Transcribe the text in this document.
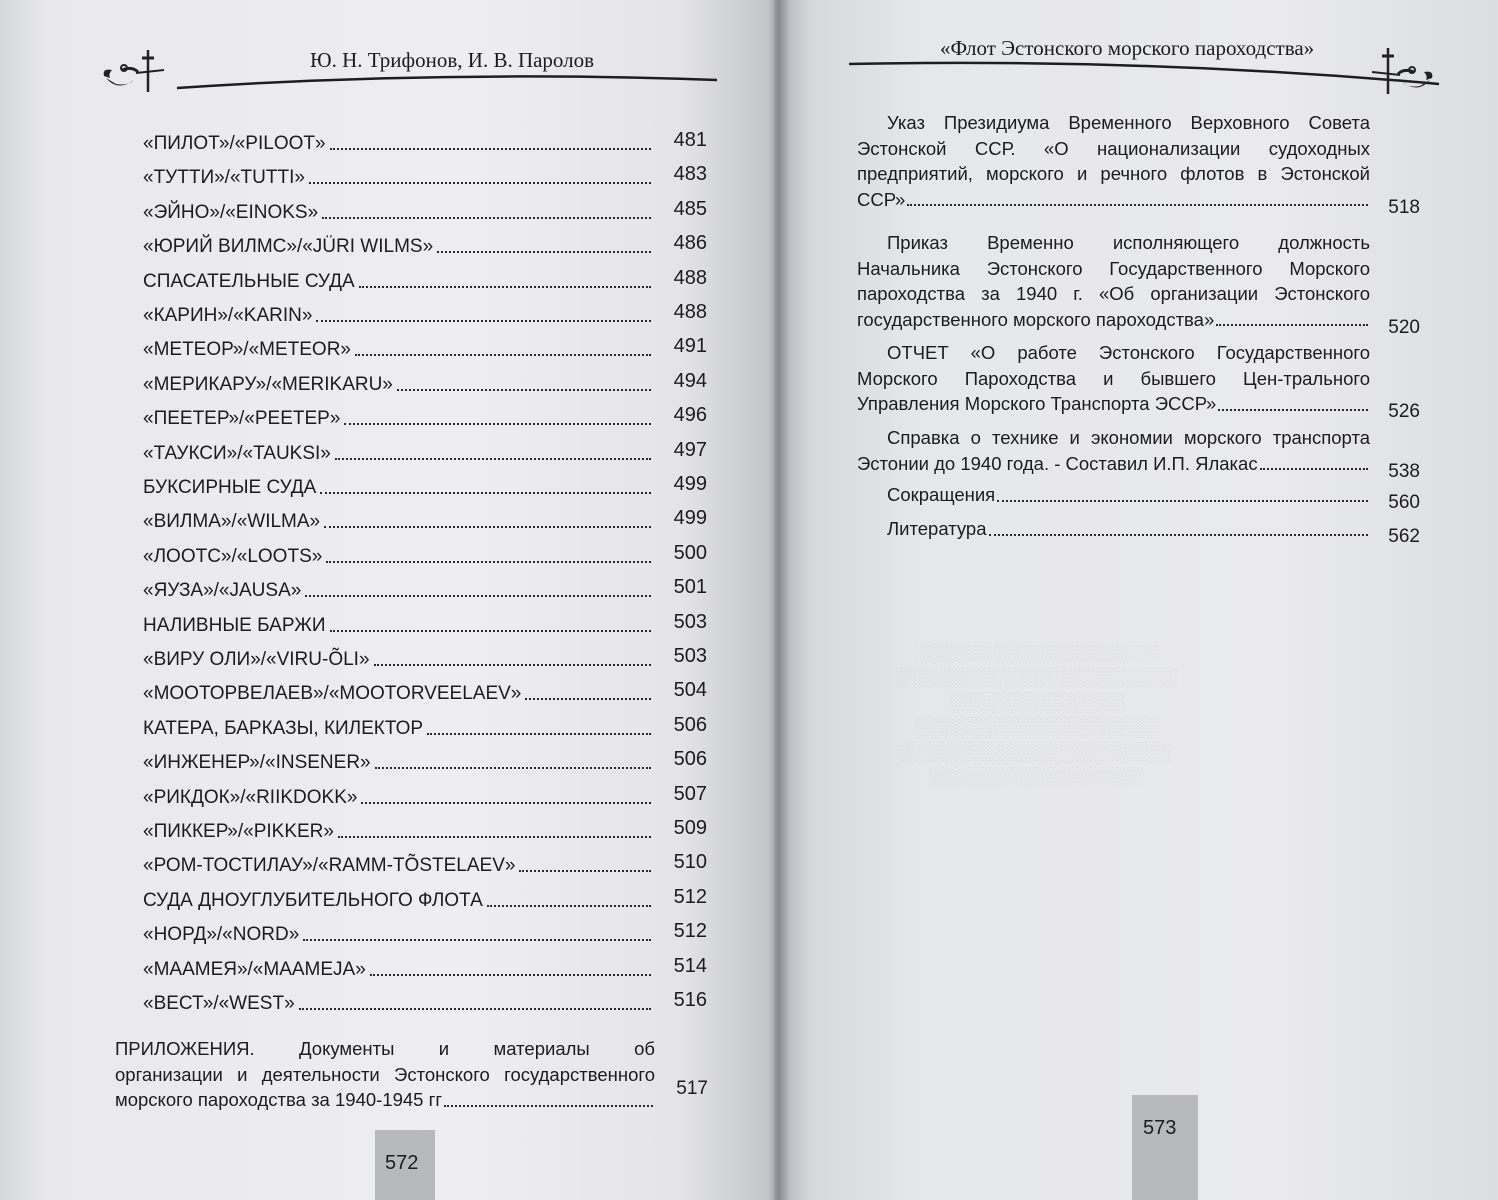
Ю. Н. Трифонов, И. В. Паролов
«ПИЛОТ»/«PILOOT»	481
«ТУТТИ»/«TUTTI»	483
«ЭЙНО»/«EINOKS»	485
«ЮРИЙ ВИЛМС»/«JÜRI WILMS»	486
СПАСАТЕЛЬНЫЕ СУДА	488
«КАРИН»/«KARIN»	488
«МЕТЕОР»/«METEOR»	491
«МЕРИКАРУ»/«MERIKARU»	494
«ПЕЕТЕР»/«PEETEP»	496
«ТАУКСИ»/«TAUKSI»	497
БУКСИРНЫЕ СУДА	499
«ВИЛМА»/«WILMA»	499
«ЛООТС»/«LOOTS»	500
«ЯУЗА»/«JAUSA»	501
НАЛИВНЫЕ БАРЖИ	503
«ВИРУ ОЛИ»/«VIRU-ÕLI»	503
«МООТОРВЕЛАЕВ»/«MOOTORVEELAEV»	504
КАТЕРА, БАРКАЗЫ, КИЛЕКТОР	506
«ИНЖЕНЕР»/«INSENER»	506
«РИКДОК»/«RIIKDOKK»	507
«ПИККЕР»/«PIKKER»	509
«РОМ-ТОСТИЛАУ»/«RAMM-TÕSTELAEV»	510
СУДА ДНОУГЛУБИТЕЛЬНОГО ФЛОТА	512
«НОРД»/«NORD»	512
«МААМЕЯ»/«MAAMEJA»	514
«ВЕСТ»/«WEST»	516
ПРИЛОЖЕНИЯ. Документы и материалы об
организации и деятельности Эстонского государственного
морского пароходства за 1940-1945 гг
517
572
░░░░░░░░░░░░░░░░░░
░░░░░░░░░░░░░░░░░░░░░
░░░░░░░░░░░░░
░░░░░░░░░░░░░░░░░░
░░░░░░░░░░░░░░░░░░░░
░░░░░░░░░░░░░░░░
«Флот Эстонского морского пароходства»
Указ Президиума Временного Верховного Совета
Эстонской ССР. «О национализации судоходных
предприятий, морского и речного флотов в Эстонской
ССР»	518
Приказ Временно исполняющего должность
Начальника Эстонского Государственного Морского
пароходства за 1940 г. «Об организации Эстонского
государственного морского пароходства»	520
ОТЧЕТ «О работе Эстонского Государственного
Морского Пароходства и бывшего Цен-трального
Управления Морского Транспорта ЭССР»	526
Справка о технике и экономии морского транспорта
Эстонии до 1940 года. - Составил И.П. Ялакас	538
Сокращения	560
Литература	562
573
